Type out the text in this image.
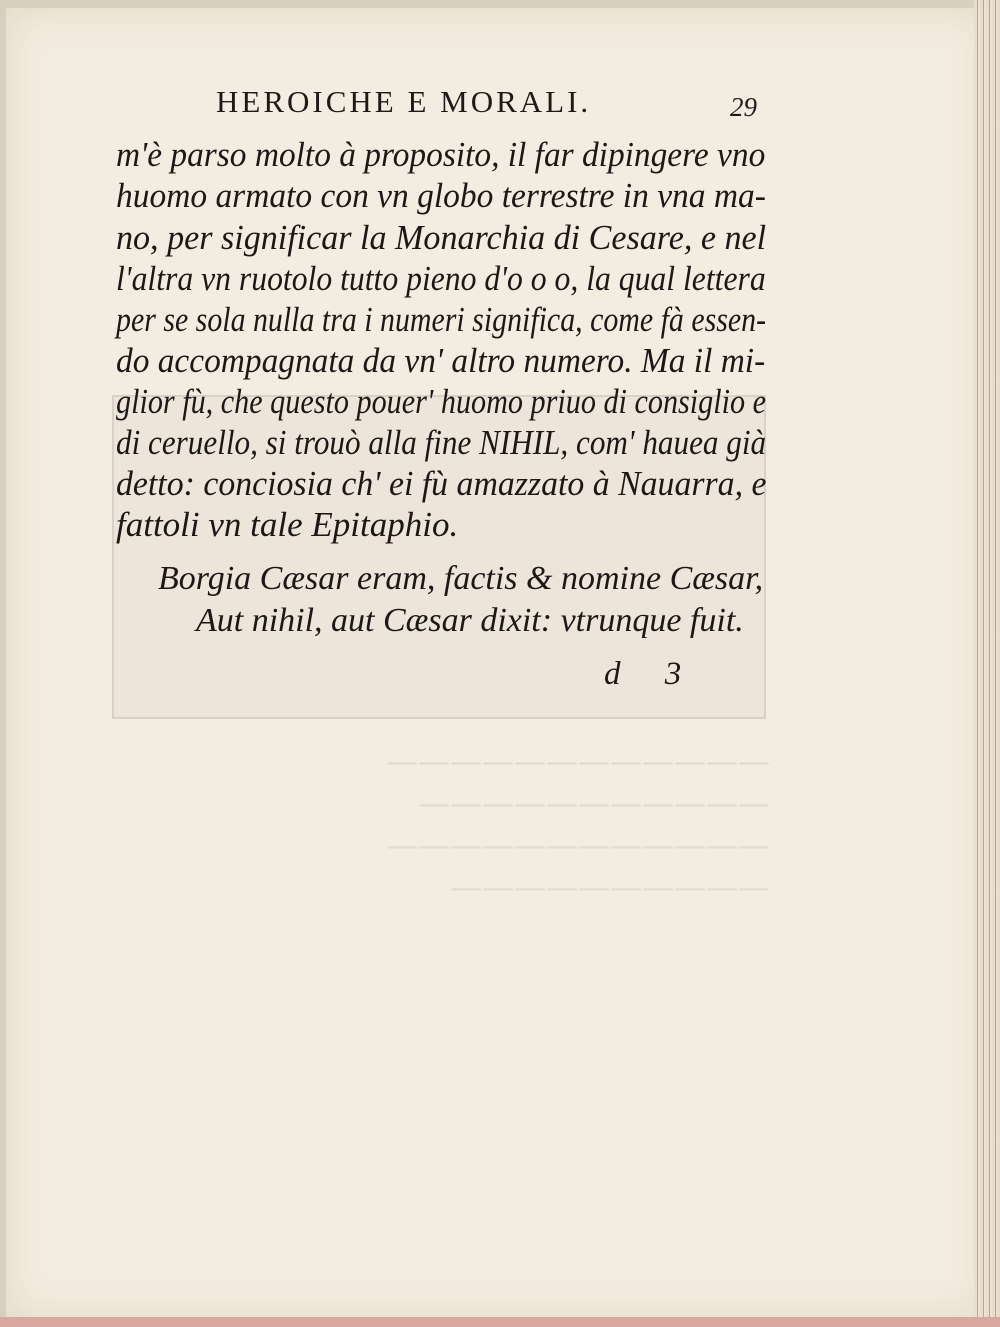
————————————
———————————
————————————
——————————
HEROICHE E MORALI.	29
m'è parso molto à proposito, il far dipingere vno
huomo armato con vn globo terrestre in vna ma-
no, per significar la Monarchia di Cesare, e nel
l'altra vn ruotolo tutto pieno d'o o o, la qual lettera
per se sola nulla tra i numeri significa, come fà essen-
do accompagnata da vn' altro numero. Ma il mi-
glior fù, che questo pouer' huomo priuo di consiglio e
di ceruello, si trouò alla fine NIHIL, com' hauea già
detto: conciosia ch' ei fù amazzato à Nauarra, e
fattoli vn tale Epitaphio.
Borgia Cæsar eram, factis & nomine Cæsar,
Aut nihil, aut Cæsar dixit: vtrunque fuit.
d 3
